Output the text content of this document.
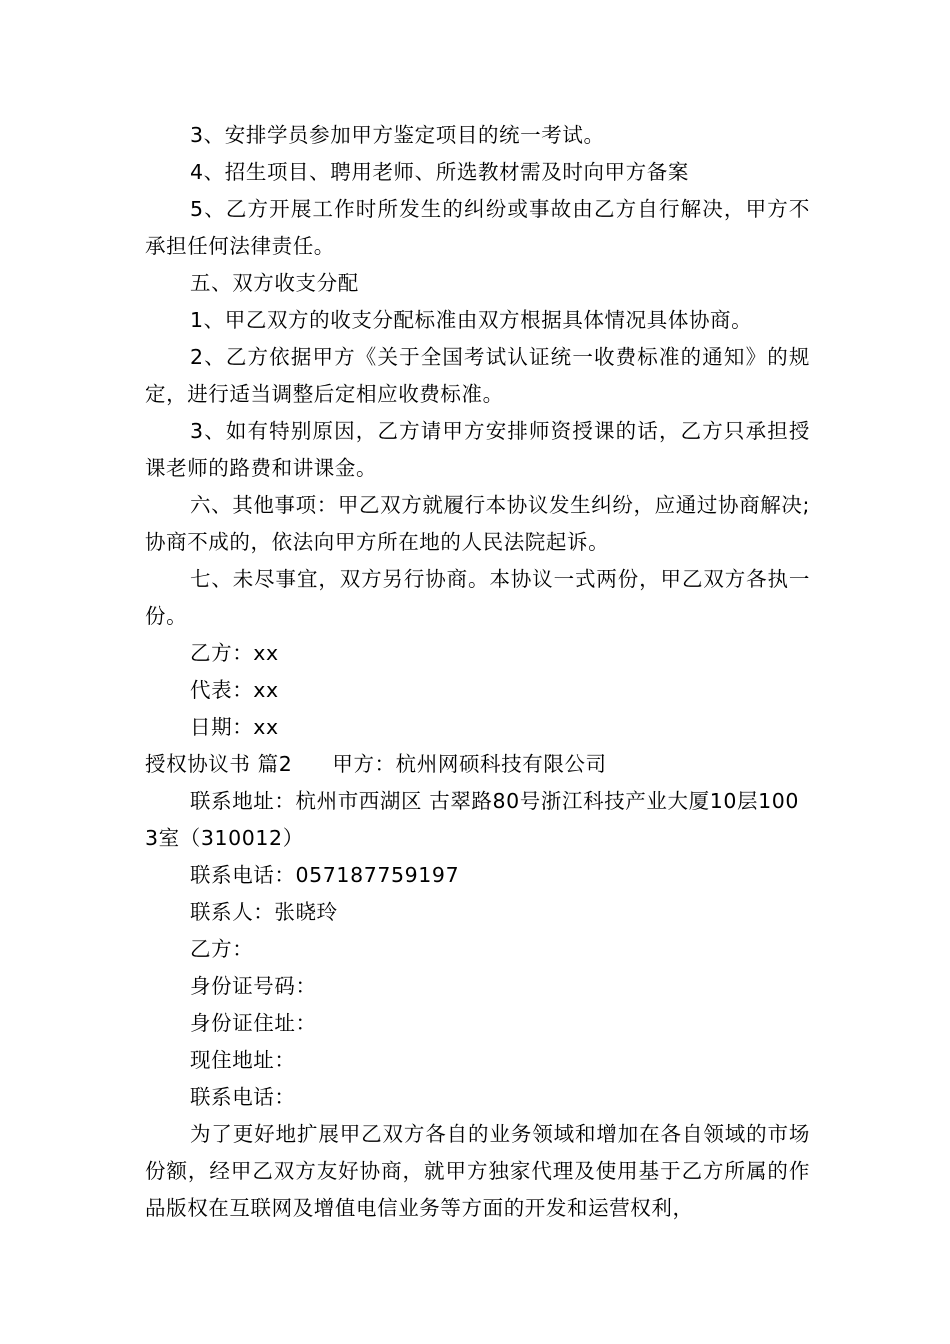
3、安排学员参加甲方鉴定项目的统一考试。

4、招生项目、聘用老师、所选教材需及时向甲方备案

5、乙方开展工作时所发生的纠纷或事故由乙方自行解决，甲方不承担任何法律责任。

五、双方收支分配

1、甲乙双方的收支分配标准由双方根据具体情况具体协商。

2、乙方依据甲方《关于全国考试认证统一收费标准的通知》的规定，进行适当调整后定相应收费标准。

3、如有特别原因，乙方请甲方安排师资授课的话，乙方只承担授课老师的路费和讲课金。

六、其他事项：甲乙双方就履行本协议发生纠纷，应通过协商解决;协商不成的，依法向甲方所在地的人民法院起诉。

七、未尽事宜，双方另行协商。本协议一式两份，甲乙双方各执一份。

乙方：xx

代表：xx

日期：xx

授权协议书 篇2 甲方：杭州网硕科技有限公司

联系地址：杭州市西湖区 古翠路80号浙江科技产业大厦10层1003室（310012）

联系电话：057187759197

联系人：张晓玲

乙方：

身份证号码：

身份证住址：

现住地址：

联系电话：

为了更好地扩展甲乙双方各自的业务领域和增加在各自领域的市场份额，经甲乙双方友好协商，就甲方独家代理及使用基于乙方所属的作品版权在互联网及增值电信业务等方面的开发和运营权利，
